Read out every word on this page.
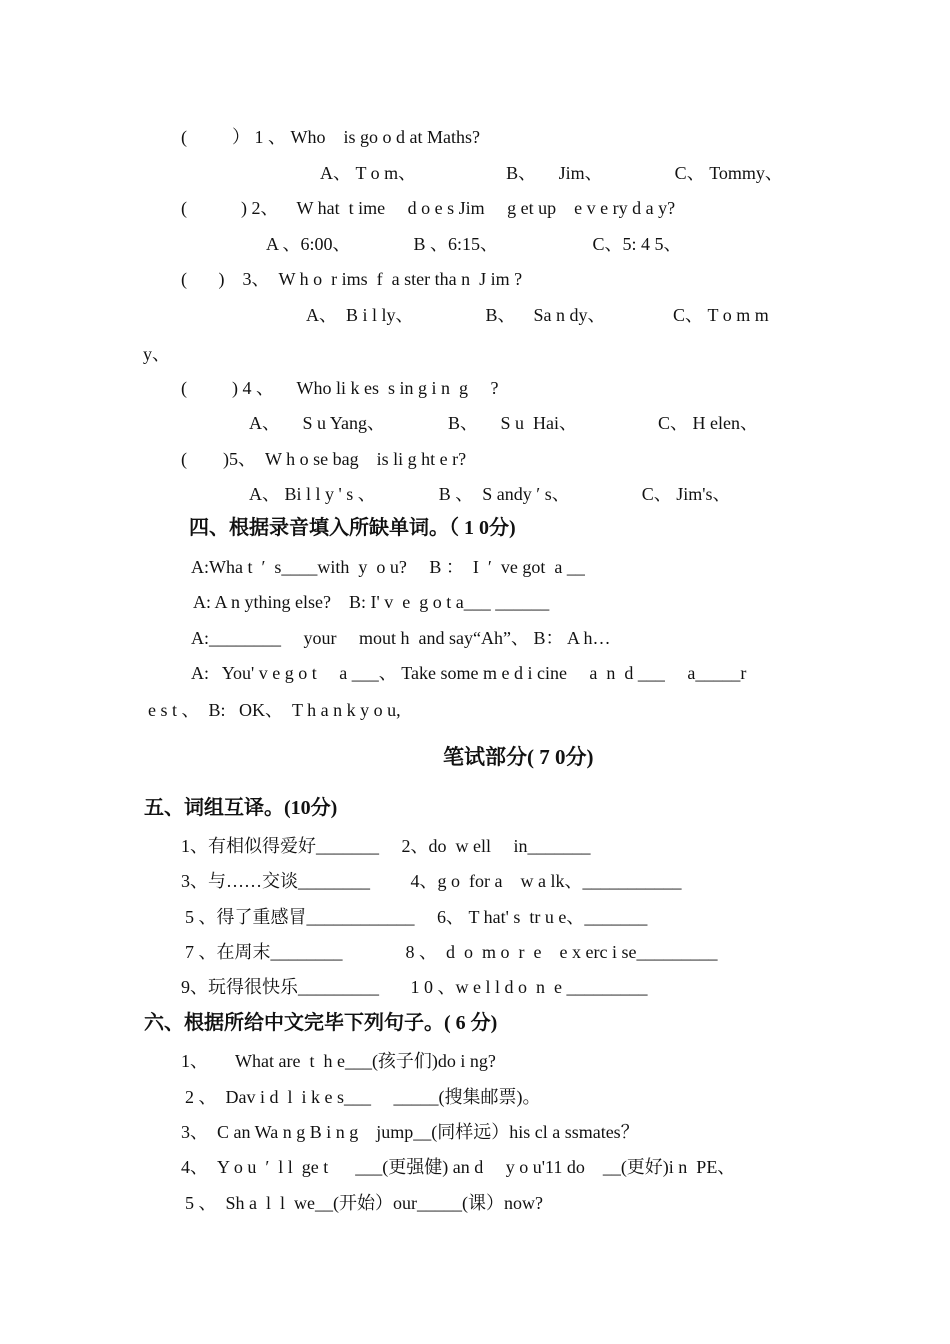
(          ） 1 、 Who    is go o d at Maths?
A、 T o m、                    B、     Jim、                C、 Tommy、
(            ) 2、    W hat  t ime     d o e s Jim     g et up    e v e ry d a y?
A 、6:00、              B 、6:15、                     C、5: 4 5、
(       )    3、  W h o  r ims  f  a ster tha n  J im ?
A、  B i l ly、                B、    Sa n dy、               C、 T o m m
y、
(          ) 4 、     Who li k es  s in g i n  g     ?
A、     S u Yang、              B、     S u  Hai、                  C、 H elen、
(        )5、  W h o se bag    is li g ht e r?
A、 Bi l l y ' s 、              B 、  S andy ′ s、                C、 Jim's、
四、根据录音填入所缺单词。（ 1 0分)
A:Wha t  ′  s____with  y  o u?     B ：  I  ′  ve got  a __
A: A n ything else?    B: I' v  e  g o t a___ ______
A:________     your     mout h  and say“Ah”、 B： A h…
A:   You' v e g o t     a ___、 Take some m e d i cine     a  n  d ___     a_____r
e s t 、  B:   OK、  T h a n k y o u,
笔试部分( 7 0分)
五、词组互译。(10分)
1、有相似得爱好_______     2、do  w ell     in_______
3、与……交谈________         4、g o  for a    w a lk、___________
5 、得了重感冒____________     6、 T hat' s  tr u e、_______
7 、在周末________              8 、  d  o  m o  r  e    e x erc i se_________
9、玩得很快乐_________       1 0 、w e l l d o  n  e _________
六、根据所给中文完毕下列句子。( 6 分)
1、      What are  t  h e___(孩子们)do i ng?
2 、  Dav i d  l  i k e s___     _____(搜集邮票)。
3、  C an Wa n g B i n g    jump__(同样远）his cl a ssmates？
4、  Y o u  ′  l l  ge t      ___(更强健) an d     y o u'11 do    __(更好)i n  PE、
5 、  Sh a  l  l  we__(开始）our_____(课）now?
